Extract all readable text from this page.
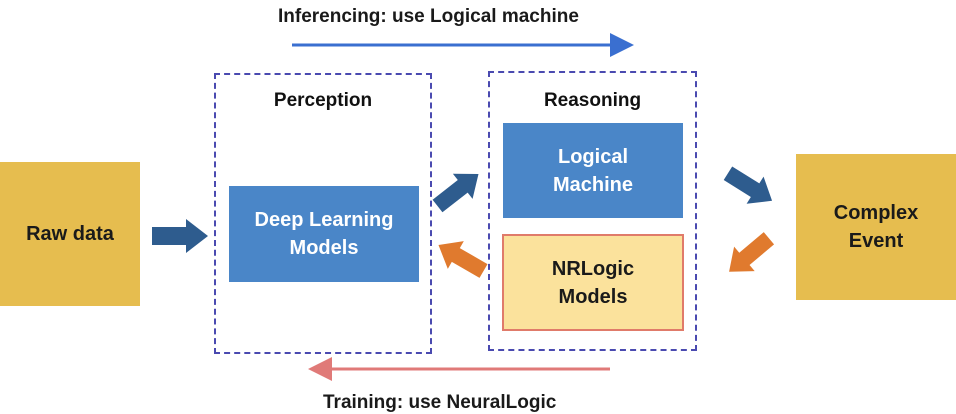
Inferencing: use Logical machine
Perception	Reasoning
Raw data
Deep Learning Models
Logical Machine
NRLogic Models
Complex Event
Training: use NeuralLogic
